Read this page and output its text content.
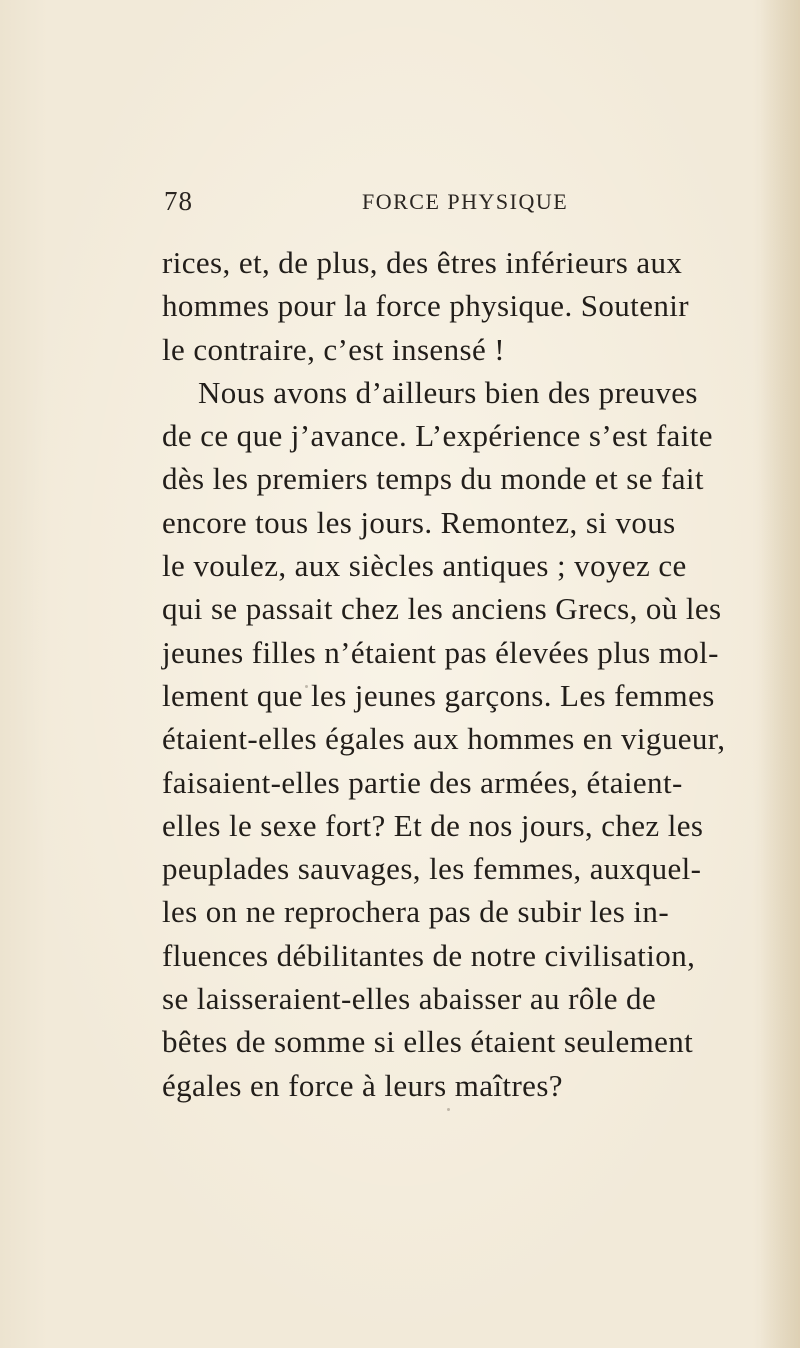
78	FORCE PHYSIQUE
rices, et, de plus, des êtres inférieurs aux
hommes pour la force physique. Soutenir
le contraire, c’est insensé !
Nous avons d’ailleurs bien des preuves
de ce que j’avance. L’expérience s’est faite
dès les premiers temps du monde et se fait
encore tous les jours. Remontez, si vous
le voulez, aux siècles antiques ; voyez ce
qui se passait chez les anciens Grecs, où les
jeunes filles n’étaient pas élevées plus mol-
lement que les jeunes garçons. Les femmes
étaient-elles égales aux hommes en vigueur,
faisaient-elles partie des armées, étaient-
elles le sexe fort? Et de nos jours, chez les
peuplades sauvages, les femmes, auxquel-
les on ne reprochera pas de subir les in-
fluences débilitantes de notre civilisation,
se laisseraient-elles abaisser au rôle de
bêtes de somme si elles étaient seulement
égales en force à leurs maîtres?
